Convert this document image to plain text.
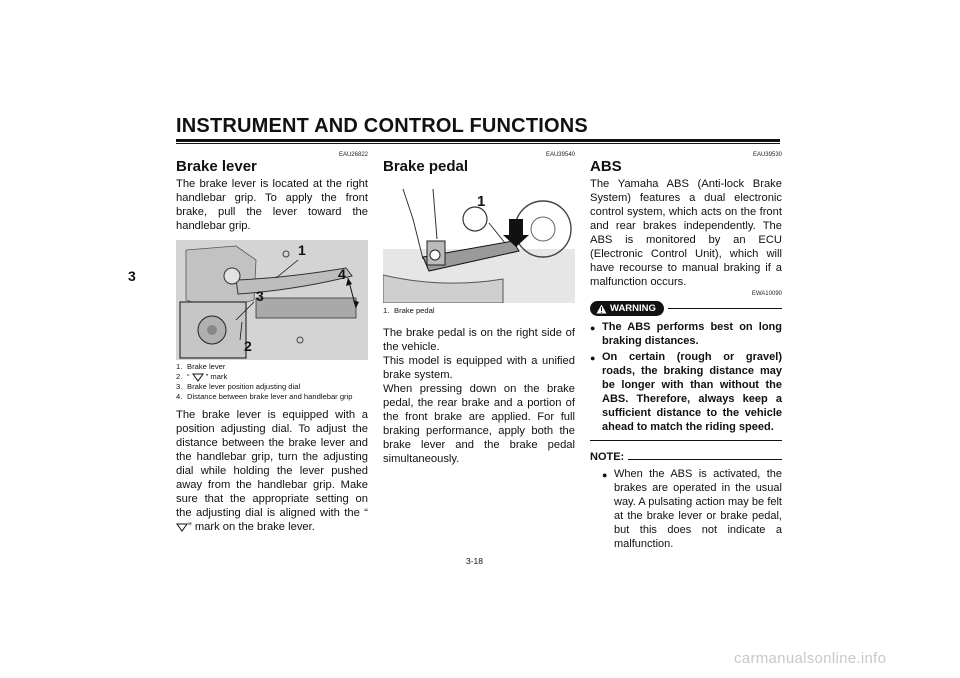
INSTRUMENT AND CONTROL FUNCTIONS
3
EAU26822
Brake lever

The brake lever is located at the right handlebar grip. To apply the front brake, pull the lever toward the handlebar grip.

1
2
3
4
1. Brake lever
2. “ ” mark
3. Brake lever position adjusting dial
4. Distance between brake lever and handlebar grip

The brake lever is equipped with a position adjusting dial. To adjust the distance between the brake lever and the handlebar grip, turn the adjusting dial while holding the lever pushed away from the handlebar grip. Make sure that the appropriate setting on the adjusting dial is aligned with the “” mark on the brake lever.

EAU39540
Brake pedal
1
1. Brake pedal

The brake pedal is on the right side of the vehicle.

This model is equipped with a unified brake system.

When pressing down on the brake pedal, the rear brake and a portion of the front brake are applied. For full braking performance, apply both the brake lever and the brake pedal simultaneously.

EAU39530
ABS

The Yamaha ABS (Anti-lock Brake System) features a dual electronic control system, which acts on the front and rear brakes independently. The ABS is monitored by an ECU (Electronic Control Unit), which will have recourse to manual braking if a malfunction occurs.

EWA10090
WARNING
● The ABS performs best on long braking distances.
● On certain (rough or gravel) roads, the braking distance may be longer with than without the ABS. Therefore, always keep a sufficient distance to the vehicle ahead to match the riding speed.
NOTE:
● When the ABS is activated, the brakes are operated in the usual way. A pulsating action may be felt at the brake lever or brake pedal, but this does not indicate a malfunction.
3-18
carmanualsonline.info
